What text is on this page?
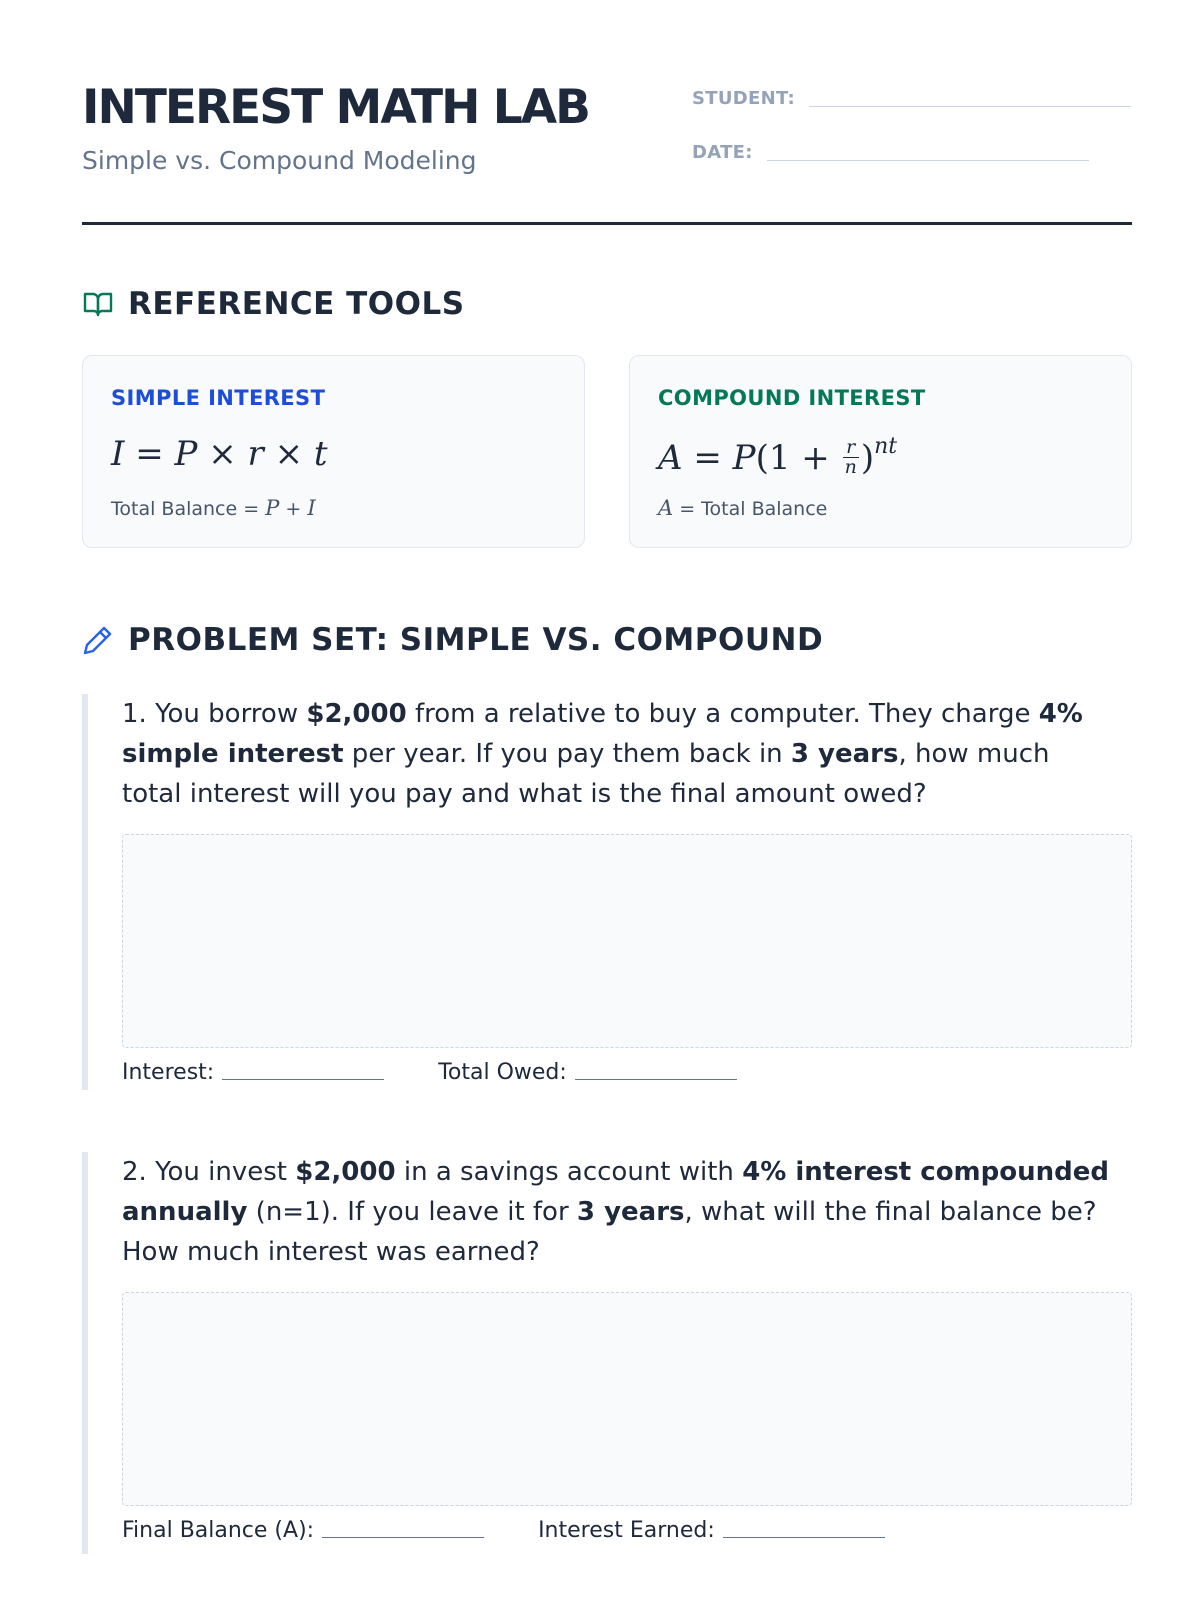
INTEREST MATH LAB
Simple vs. Compound Modeling
STUDENT:
DATE:
REFERENCE TOOLS
SIMPLE INTEREST
I = P × r × t
Total Balance = P + I
COMPOUND INTEREST
$A = P(1 + \frac{r}{n} )^{nt}$
A = Total Balance
PROBLEM SET: SIMPLE VS. COMPOUND
1. You borrow $2,000 from a relative to buy a computer. They charge 4% simple interest per year. If you pay them back in 3 years, how much total interest will you pay and what is the final amount owed?
Interest:	Total Owed:
2. You invest $2,000 in a savings account with 4% interest compounded annually (n=1). If you leave it for 3 years, what will the final balance be? How much interest was earned?
Final Balance (A):	Interest Earned:
